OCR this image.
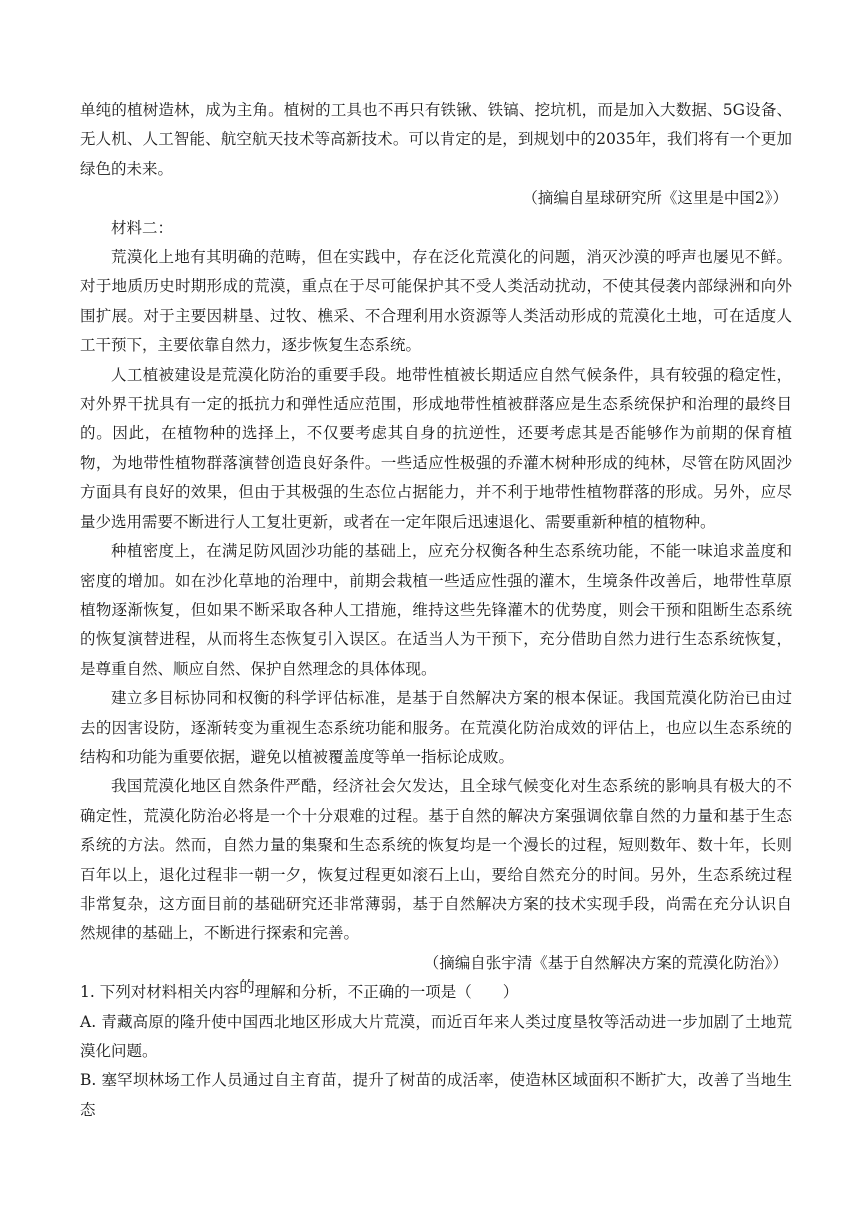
单纯的植树造林，成为主角。植树的工具也不再只有铁锹、铁镐、挖坑机，而是加入大数据、5G设备、无人机、人工智能、航空航天技术等高新技术。可以肯定的是，到规划中的2035年，我们将有一个更加绿色的未来。

（摘编自星球研究所《这里是中国2》）

材料二：

荒漠化上地有其明确的范畴，但在实践中，存在泛化荒漠化的问题，消灭沙漠的呼声也屡见不鲜。对于地质历史时期形成的荒漠，重点在于尽可能保护其不受人类活动扰动，不使其侵袭内部绿洲和向外围扩展。对于主要因耕垦、过牧、樵采、不合理利用水资源等人类活动形成的荒漠化土地，可在适度人工干预下，主要依靠自然力，逐步恢复生态系统。

人工植被建设是荒漠化防治的重要手段。地带性植被长期适应自然气候条件，具有较强的稳定性，对外界干扰具有一定的抵抗力和弹性适应范围，形成地带性植被群落应是生态系统保护和治理的最终目的。因此，在植物种的选择上，不仅要考虑其自身的抗逆性，还要考虑其是否能够作为前期的保育植物，为地带性植物群落演替创造良好条件。一些适应性极强的乔灌木树种形成的纯林，尽管在防风固沙方面具有良好的效果，但由于其极强的生态位占据能力，并不利于地带性植物群落的形成。另外，应尽量少选用需要不断进行人工复壮更新，或者在一定年限后迅速退化、需要重新种植的植物种。

种植密度上，在满足防风固沙功能的基础上，应充分权衡各种生态系统功能，不能一味追求盖度和密度的增加。如在沙化草地的治理中，前期会栽植一些适应性强的灌木，生境条件改善后，地带性草原植物逐渐恢复，但如果不断采取各种人工措施，维持这些先锋灌木的优势度，则会干预和阻断生态系统的恢复演替进程，从而将生态恢复引入误区。在适当人为干预下，充分借助自然力进行生态系统恢复，是尊重自然、顺应自然、保护自然理念的具体体现。

建立多目标协同和权衡的科学评估标准，是基于自然解决方案的根本保证。我国荒漠化防治已由过去的因害设防，逐渐转变为重视生态系统功能和服务。在荒漠化防治成效的评估上，也应以生态系统的结构和功能为重要依据，避免以植被覆盖度等单一指标论成败。

我国荒漠化地区自然条件严酷，经济社会欠发达，且全球气候变化对生态系统的影响具有极大的不确定性，荒漠化防治必将是一个十分艰难的过程。基于自然的解决方案强调依靠自然的力量和基于生态系统的方法。然而，自然力量的集聚和生态系统的恢复均是一个漫长的过程，短则数年、数十年，长则百年以上，退化过程非一朝一夕，恢复过程更如滚石上山，要给自然充分的时间。另外，生态系统过程非常复杂，这方面目前的基础研究还非常薄弱，基于自然解决方案的技术实现手段，尚需在充分认识自然规律的基础上，不断进行探索和完善。

（摘编自张宇清《基于自然解决方案的荒漠化防治》）

1. 下列对材料相关内容的理解和分析，不正确的一项是（　　）

A. 青藏高原的隆升使中国西北地区形成大片荒漠，而近百年来人类过度垦牧等活动进一步加剧了土地荒漠化问题。

B. 塞罕坝林场工作人员通过自主育苗，提升了树苗的成活率，使造林区域面积不断扩大，改善了当地生态
